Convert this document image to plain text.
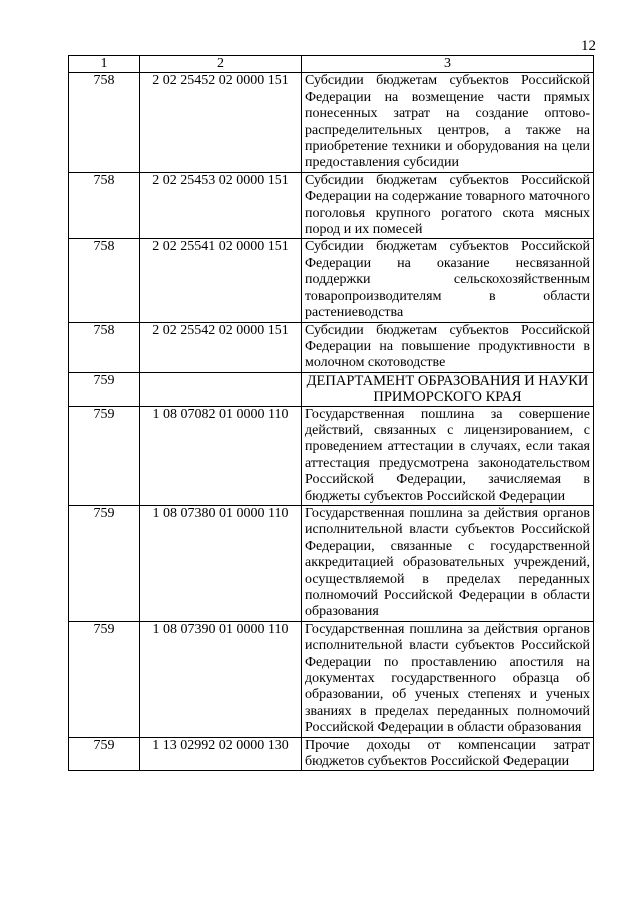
12
1	2	3
758	2 02 25452 02 0000 151	Субсидии бюджетам субъектов Российской Федерации на возмещение части прямых понесенных затрат на создание оптово-распределительных центров, а также на приобретение техники и оборудования на цели предоставления субсидии
758	2 02 25453 02 0000 151	Субсидии бюджетам субъектов Российской Федерации на содержание товарного маточного поголовья крупного рогатого скота мясных пород и их помесей
758	2 02 25541 02 0000 151	Субсидии бюджетам субъектов Российской Федерации на оказание несвязанной поддержки сельскохозяйственным товаропроизводителям в области растениеводства
758	2 02 25542 02 0000 151	Субсидии бюджетам субъектов Российской Федерации на повышение продуктивности в молочном скотоводстве
759		ДЕПАРТАМЕНТ ОБРАЗОВАНИЯ И НАУКИ ПРИМОРСКОГО КРАЯ
759	1 08 07082 01 0000 110	Государственная пошлина за совершение действий, связанных с лицензированием, с проведением аттестации в случаях, если такая аттестация предусмотрена законодательством Российской Федерации, зачисляемая в бюджеты субъектов Российской Федерации
759	1 08 07380 01 0000 110	Государственная пошлина за действия органов исполнительной власти субъектов Российской Федерации, связанные с государственной аккредитацией образовательных учреждений, осуществляемой в пределах переданных полномочий Российской Федерации в области образования
759	1 08 07390 01 0000 110	Государственная пошлина за действия органов исполнительной власти субъектов Российской Федерации по проставлению апостиля на документах государственного образца об образовании, об ученых степенях и ученых званиях в пределах переданных полномочий Российской Федерации в области образования
759	1 13 02992 02 0000 130	Прочие доходы от компенсации затрат бюджетов субъектов Российской Федерации
